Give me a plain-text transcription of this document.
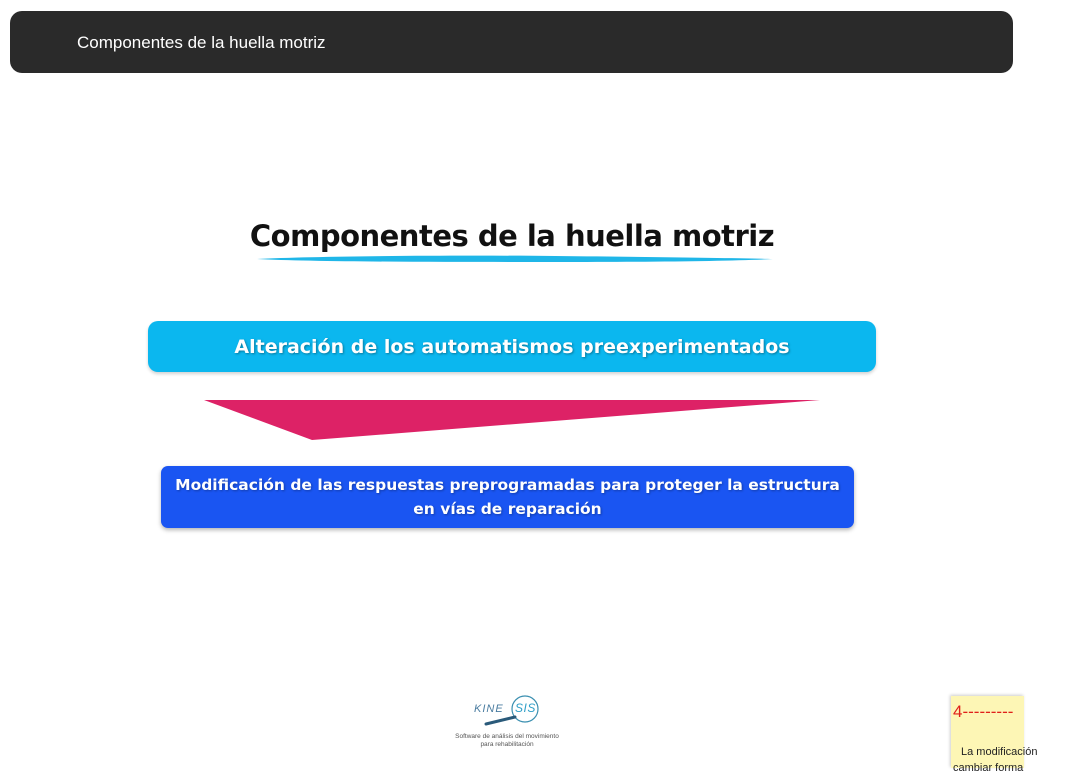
Componentes de la huella motriz
Componentes de la huella motriz
Alteración de los automatismos preexperimentados
Modificación de las respuestas preprogramadas para proteger la estructura en vías de reparación
KINE SIS
Software de análisis del movimiento
para rehabilitación
4---------
La modificación cambiar forma
